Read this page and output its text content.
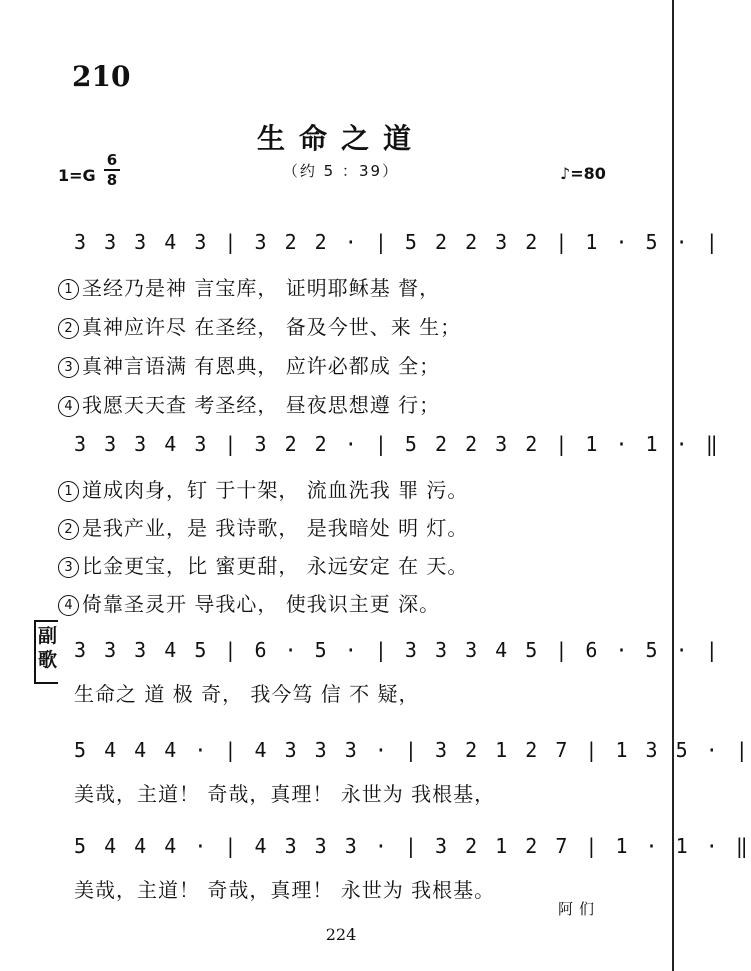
210
生命之道
（约 5 ：39）
1=G
6
8	♪=80
3 3 3 4 3 | 3 2 2 · | 5 2 2 3 2 | 1 · 5 · |
1 圣经乃是神 言宝库， 证明耶稣基 督，
2 真神应许尽 在圣经， 备及今世、来 生；
3 真神言语满 有恩典， 应许必都成 全；
4 我愿天天查 考圣经， 昼夜思想遵 行；
3 3 3 4 3 | 3 2 2 · | 5 2 2 3 2 | 1 · 1 · ‖
1 道成肉身，钉 于十架， 流血洗我 罪 污。
2 是我产业，是 我诗歌， 是我暗处 明 灯。
3 比金更宝，比 蜜更甜， 永远安定 在 天。
4 倚靠圣灵开 导我心， 使我识主更 深。
副歌 3 3 3 4 5 | 6 · 5 · | 3 3 3 4 5 | 6 · 5 · |
生命之 道 极 奇， 我今笃 信 不 疑，
5 4 4 4 · | 4 3 3 3 · | 3 2 1 2 7 | 1 3 5 · |
美哉，主道！ 奇哉，真理！ 永世为 我根基，
5 4 4 4 · | 4 3 3 3 · | 3 2 1 2 7 | 1 · 1 · ‖
美哉，主道！ 奇哉，真理！ 永世为 我根基。
阿们
224
